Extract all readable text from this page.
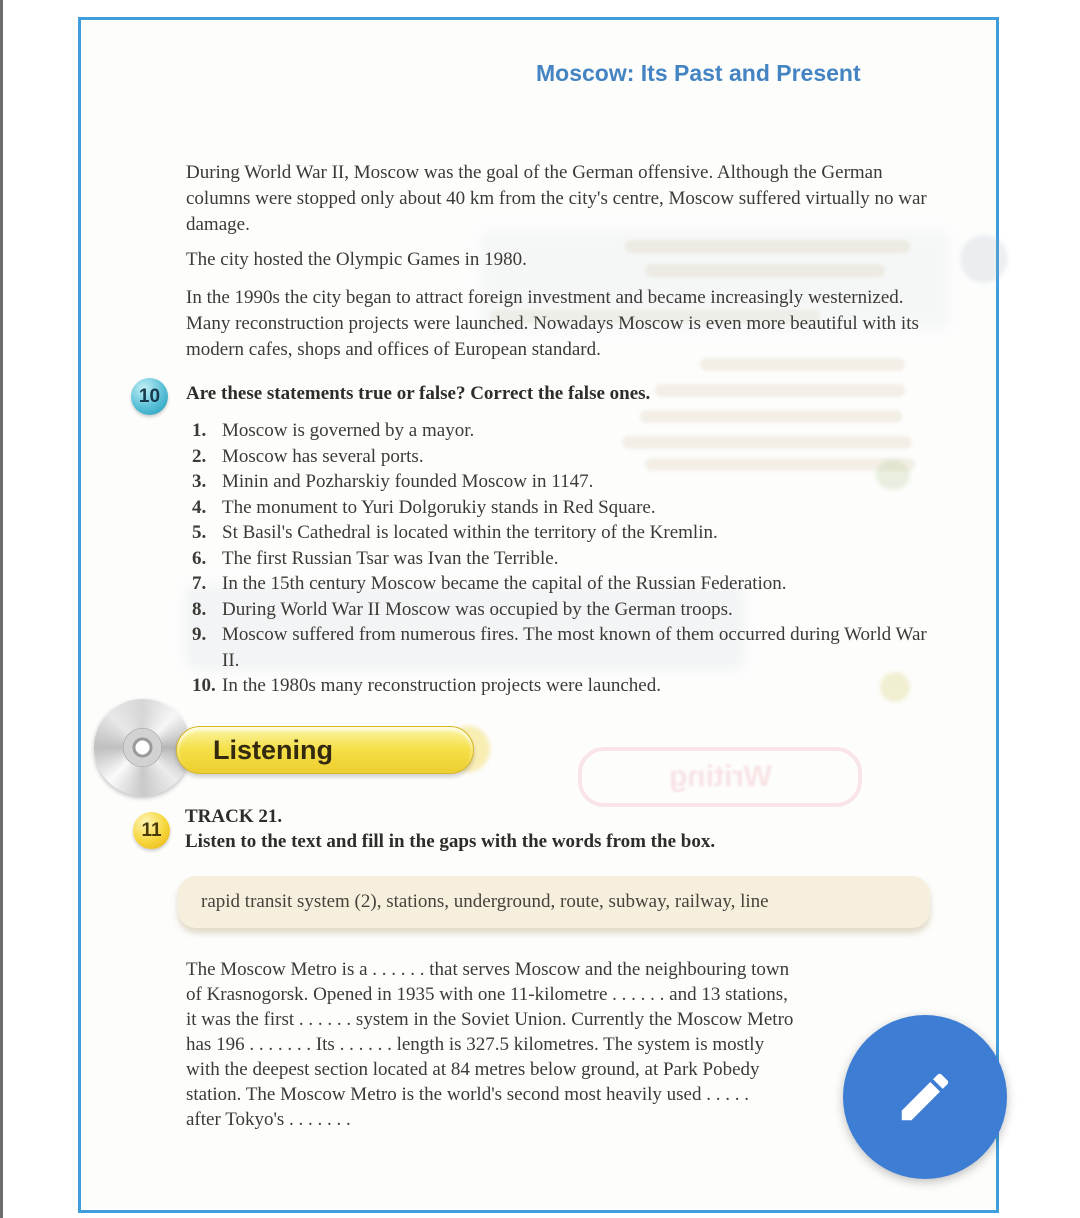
Writing
Moscow: Its Past and Present

During World War II, Moscow was the goal of the German offensive. Although the German columns were stopped only about 40 km from the city's centre, Moscow suffered virtually no war damage.

The city hosted the Olympic Games in 1980.

In the 1990s the city began to attract foreign investment and became increasingly westernized. Many reconstruction projects were launched. Nowadays Moscow is even more beautiful with its modern cafes, shops and offices of European standard.

10 Are these statements true or false? Correct the false ones.
1. Moscow is governed by a mayor.
2. Moscow has several ports.
3. Minin and Pozharskiy founded Moscow in 1147.
4. The monument to Yuri Dolgorukiy stands in Red Square.
5. St Basil's Cathedral is located within the territory of the Kremlin.
6. The first Russian Tsar was Ivan the Terrible.
7. In the 15th century Moscow became the capital of the Russian Federation.
8. During World War II Moscow was occupied by the German troops.
9. Moscow suffered from numerous fires. The most known of them occurred during World War II.
10. In the 1980s many reconstruction projects were launched.
Listening
11
TRACK 21.
Listen to the text and fill in the gaps with the words from the box.
rapid transit system (2), stations, underground, route, subway, railway, line
The Moscow Metro is a . . . . . . that serves Moscow and the neighbouring town
of Krasnogorsk. Opened in 1935 with one 11-kilometre . . . . . . and 13 stations,
it was the first . . . . . . system in the Soviet Union. Currently the Moscow Metro
has 196 . . . . . . . Its . . . . . . length is 327.5 kilometres. The system is mostly
with the deepest section located at 84 metres below ground, at Park Pobedy
station. The Moscow Metro is the world's second most heavily used . . . . .
after Tokyo's . . . . . . .
